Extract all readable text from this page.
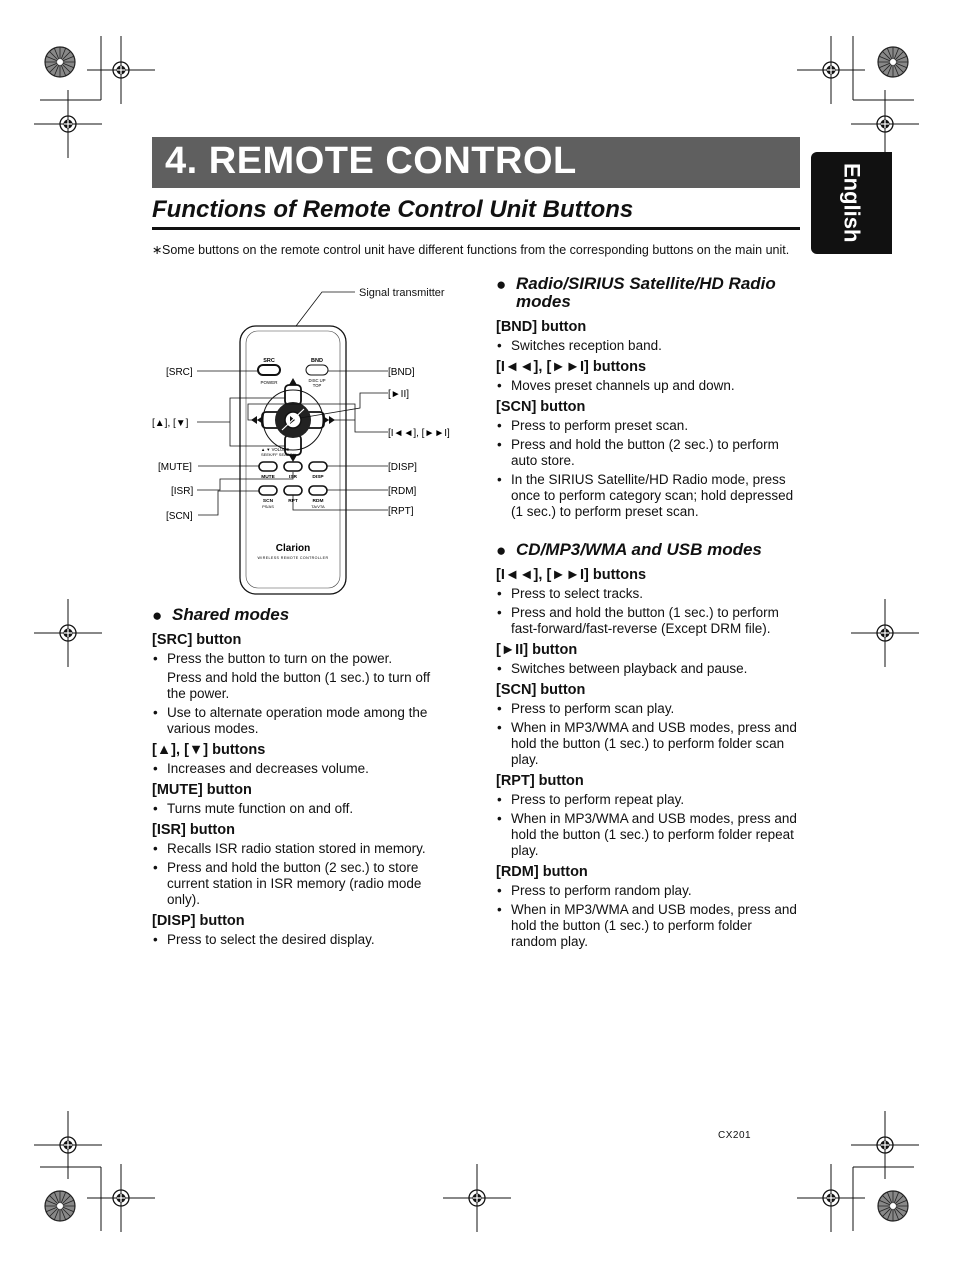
4. REMOTE CONTROL
English
Functions of Remote Control Unit Buttons
∗ Some buttons on the remote control unit have different functions from the corresponding buttons on the main unit.
Signal transmitter
SRC
POWER
BND
DISC UP
TOP
▲ ▼ VOLUME
SEEK/FF SEARCH
MUTE	ISR	DISP
SCN	RPT	RDM
PS/AS	TA/VTA
Clarion
WIRELESS REMOTE CONTROLLER
[SRC]
[▲], [▼]
[MUTE]
[ISR]
[SCN]
[BND]
[►II]
[I◄◄], [►►I]
[DISP]
[RDM]
[RPT]
● Shared modes
[SRC] button
• Press the button to turn on the power.
Press and hold the button (1 sec.) to turn off the power.
• Use to alternate operation mode among the various modes.
[▲], [▼] buttons
• Increases and decreases volume.
[MUTE] button
• Turns mute function on and off.
[ISR] button
• Recalls ISR radio station stored in memory.
• Press and hold the button (2 sec.) to store current station in ISR memory (radio mode only).
[DISP] button
• Press to select the desired display.
● Radio/SIRIUS Satellite/HD Radio modes
[BND] button
• Switches reception band.
[I◄◄], [►►I] buttons
• Moves preset channels up and down.
[SCN] button
• Press to perform preset scan.
• Press and hold the button (2 sec.) to perform auto store.
• In the SIRIUS Satellite/HD Radio mode, press once to perform category scan; hold depressed (1 sec.) to perform preset scan.
● CD/MP3/WMA and USB modes
[I◄◄], [►►I] buttons
• Press to select tracks.
• Press and hold the button (1 sec.) to perform fast-forward/fast-reverse (Except DRM file).
[►II] button
• Switches between playback and pause.
[SCN] button
• Press to perform scan play.
• When in MP3/WMA and USB modes, press and hold the button (1 sec.) to perform folder scan play.
[RPT] button
• Press to perform repeat play.
• When in MP3/WMA and USB modes, press and hold the button (1 sec.) to perform folder repeat play.
[RDM] button
• Press to perform random play.
• When in MP3/WMA and USB modes, press and hold the button (1 sec.) to perform folder random play.
CX201
